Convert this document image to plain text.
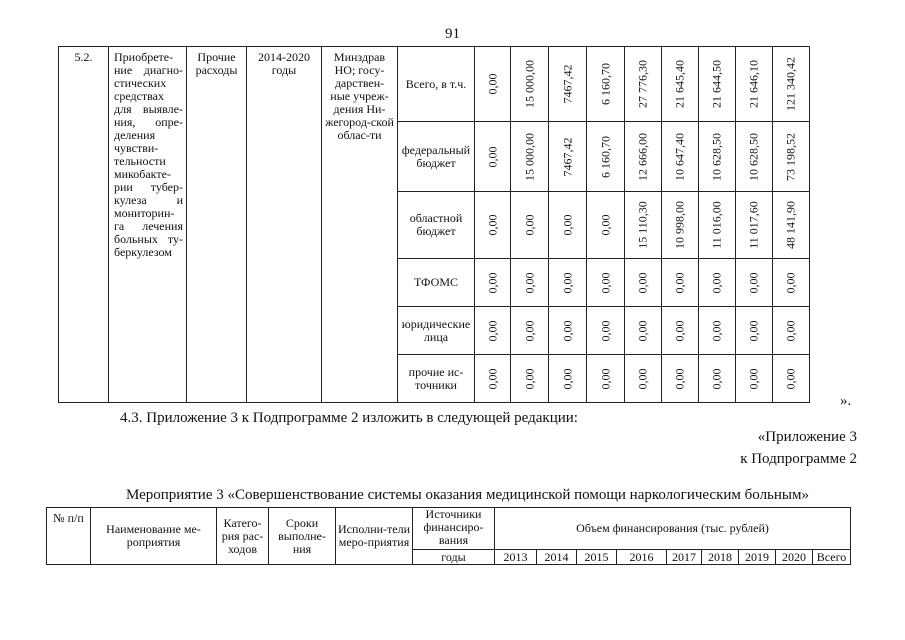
91
5.2.	Приобрете-ние диагно-стических средствах для выявле-ния, опре-деления чувстви-тельности микобакте-рии тубер-кулеза и мониторин-га лечения больных ту-беркулезом	Прочие расходы	2014-2020 годы	Минздрав НО; госу-дарствен-ные учреж-дения Ни-жегород-ской облас-ти	Всего, в т.ч.	0,00	15 000,00	7467,42	6 160,70	27 776,30	21 645,40	21 644,50	21 646,10	121 340,42

					федеральный бюджет	0,00	15 000,00	7467,42	6 160,70	12 666,00	10 647,40	10 628,50	10 628,50	73 198,52

					областной бюджет	0,00	0,00	0,00	0,00	15 110,30	10 998,00	11 016,00	11 017,60	48 141,90

					ТФОМС	0,00	0,00	0,00	0,00	0,00	0,00	0,00	0,00	0,00

					юридические лица	0,00	0,00	0,00	0,00	0,00	0,00	0,00	0,00	0,00

					прочие ис-точники	0,00	0,00	0,00	0,00	0,00	0,00	0,00	0,00	0,00
».
4.3. Приложение 3 к Подпрограмме 2 изложить в следующей редакции:
«Приложение 3
к Подпрограмме 2
Мероприятие 3 «Совершенствование системы оказания медицинской помощи наркологическим больным»
№ п/п	Наименование ме-роприятия	Катего-рия рас-ходов	Сроки выполне-ния	Исполни-тели меро-приятия	Источники финансиро-вания	Объем финансирования (тыс. рублей)								
					годы	2013	2014	2015	2016	2017	2018	2019	2020	Всего
